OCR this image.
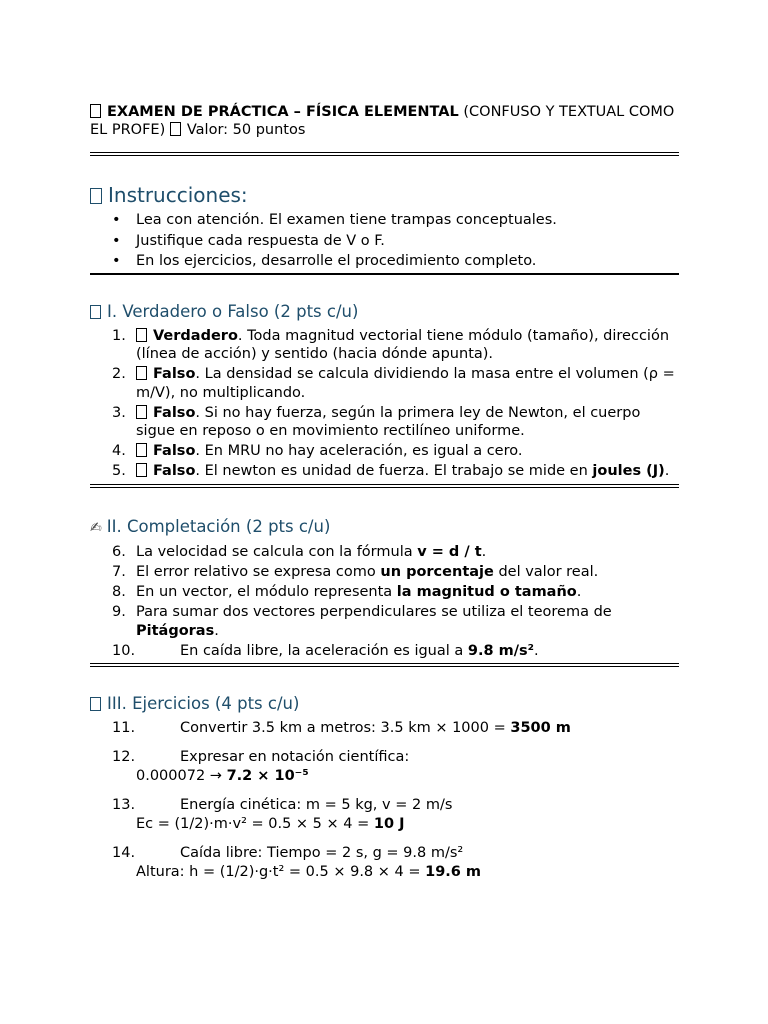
EXAMEN DE PRÁCTICA – FÍSICA ELEMENTAL (CONFUSO Y TEXTUAL COMO EL PROFE) Valor: 50 puntos

Instrucciones:
• Lea con atención. El examen tiene trampas conceptuales.
• Justifique cada respuesta de V o F.
• En los ejercicios, desarrolle el procedimiento completo.
I. Verdadero o Falso (2 pts c/u)
1. Verdadero. Toda magnitud vectorial tiene módulo (tamaño), dirección (línea de acción) y sentido (hacia dónde apunta).
2. Falso. La densidad se calcula dividiendo la masa entre el volumen (ρ = m/V), no multiplicando.
3. Falso. Si no hay fuerza, según la primera ley de Newton, el cuerpo sigue en reposo o en movimiento rectilíneo uniforme.
4. Falso. En MRU no hay aceleración, es igual a cero.
5. Falso. El newton es unidad de fuerza. El trabajo se mide en joules (J).
✍ II. Completación (2 pts c/u)
6. La velocidad se calcula con la fórmula v = d / t.
7. El error relativo se expresa como un porcentaje del valor real.
8. En un vector, el módulo representa la magnitud o tamaño.
9. Para sumar dos vectores perpendiculares se utiliza el teorema de Pitágoras.
10.	En caída libre, la aceleración es igual a 9.8 m/s².
III. Ejercicios (4 pts c/u)
11.	Convertir 3.5 km a metros: 3.5 km × 1000 = 3500 m
12.	Expresar en notación científica:
0.000072 → 7.2 × 10⁻⁵
13.	Energía cinética: m = 5 kg, v = 2 m/s
Ec = (1/2)·m·v² = 0.5 × 5 × 4 = 10 J
14.	Caída libre: Tiempo = 2 s, g = 9.8 m/s²
Altura: h = (1/2)·g·t² = 0.5 × 9.8 × 4 = 19.6 m
